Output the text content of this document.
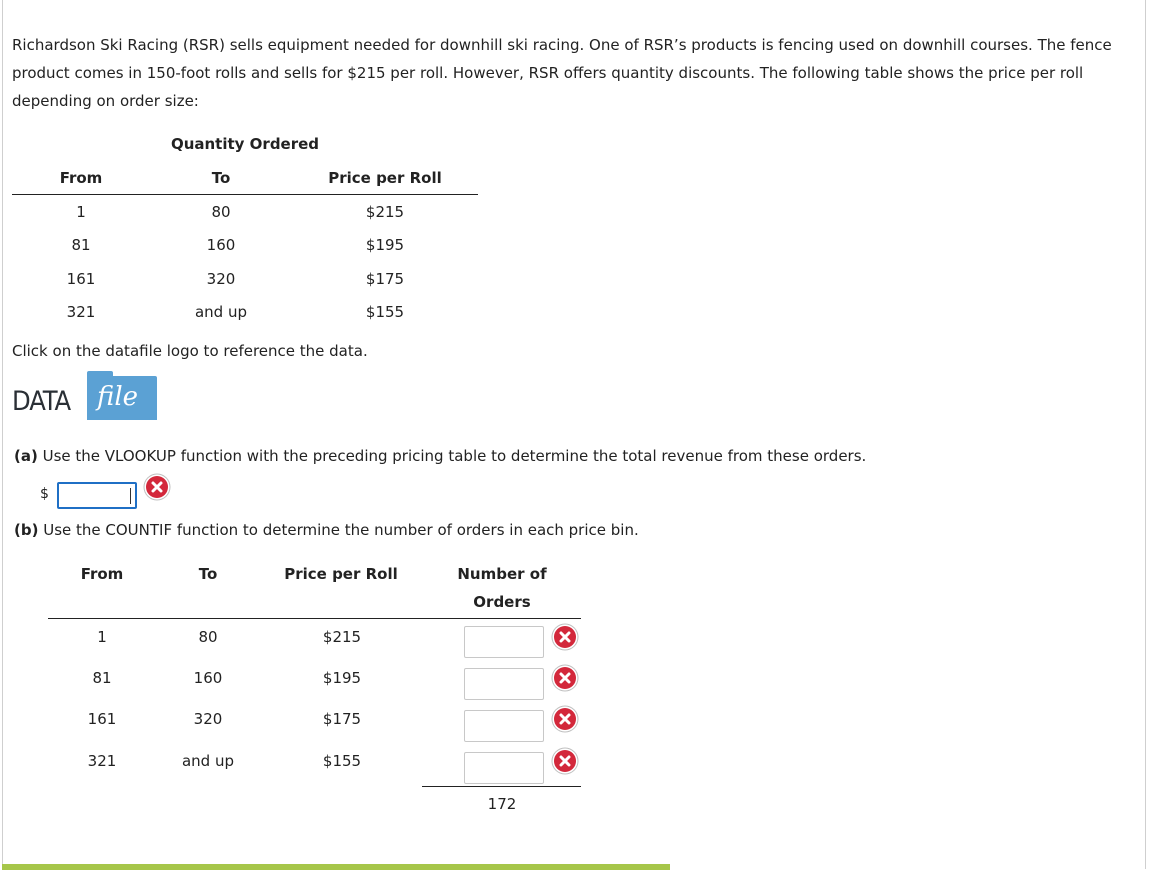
Richardson Ski Racing (RSR) sells equipment needed for downhill ski racing. One of RSR’s products is fencing used on downhill courses. The fence product comes in 150-foot rolls and sells for $215 per roll. However, RSR offers quantity discounts. The following table shows the price per roll depending on order size:
Quantity Ordered
From	To	Price per Roll
1	80	$215
81	160	$195
161	320	$175
321	and up	$155
Click on the datafile logo to reference the data.
DATA file
(a) Use the VLOOKUP function with the preceding pricing table to determine the total revenue from these orders.
$
(b) Use the COUNTIF function to determine the number of orders in each price bin.
From	To	Price per Roll	Number of
Orders
1	80	$215
81	160	$195
161	320	$175
321	and up	$155
172
